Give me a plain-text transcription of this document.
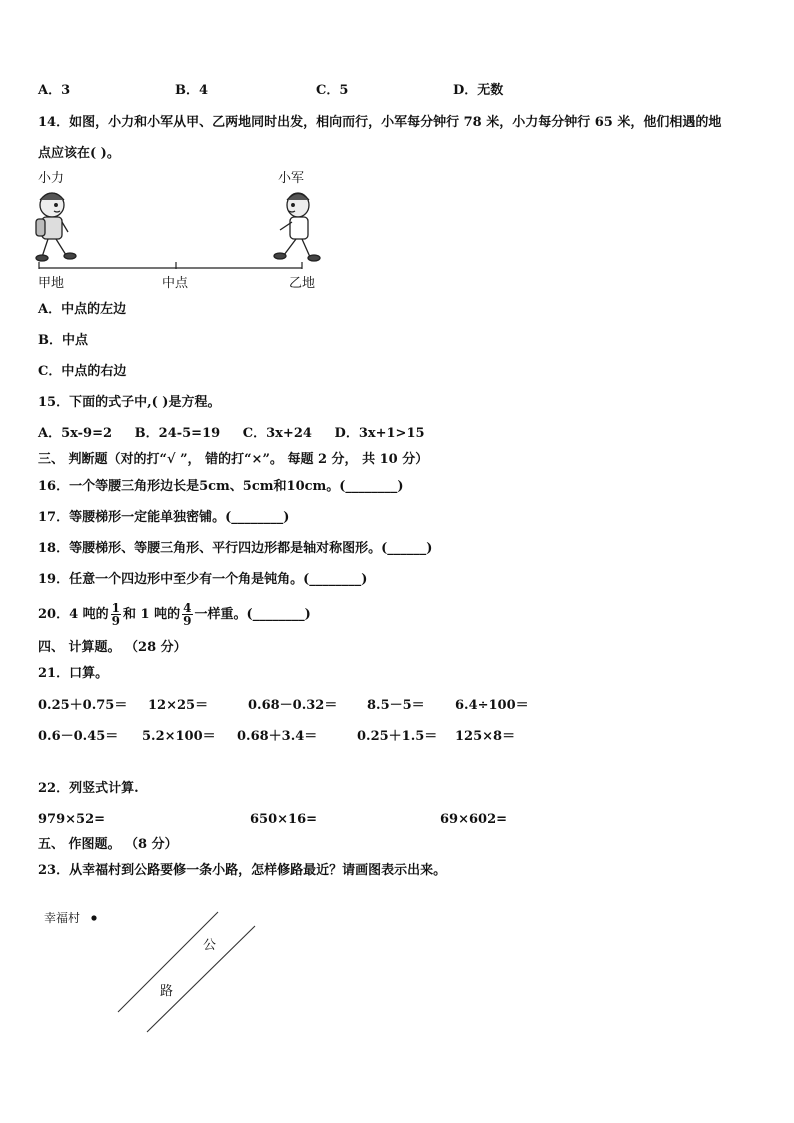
A．3	B．4	C．5	D．无数
14．如图，小力和小军从甲、乙两地同时出发，相向而行，小军每分钟行 78 米，小力每分钟行 65 米，他们相遇的地
点应该在( )。
小力	小军
甲地	中点	乙地
A．中点的左边
B．中点
C．中点的右边
15．下面的式子中,( )是方程。
A．5x-9=2     B．24-5=19     C．3x+24     D．3x+1>15
三、 判断题（对的打“√ ”， 错的打“×”。 每题 2 分， 共 10 分）
16．一个等腰三角形边长是5cm、5cm和10cm。(________)
17．等腰梯形一定能单独密铺。(________)
18．等腰梯形、等腰三角形、平行四边形都是轴对称图形。(______)
19．任意一个四边形中至少有一个角是钝角。(________)
20．4 吨的 $\frac{1}{9}$ 和 1 吨的 $\frac{4}{9}$ 一样重。(________)
四、 计算题。 （28 分）
21．口算。
0.25＋0.75＝ 12×25＝	0.68－0.32＝ 8.5－5＝ 6.4÷100＝
0.6－0.45＝ 5.2×100＝ 0.68＋3.4＝	0.25＋1.5＝ 125×8＝
22．列竖式计算.
979×52=	650×16=	69×602=
五、 作图题。 （8 分）
23．从幸福村到公路要修一条小路，怎样修路最近？请画图表示出来。
幸福村
公
路
